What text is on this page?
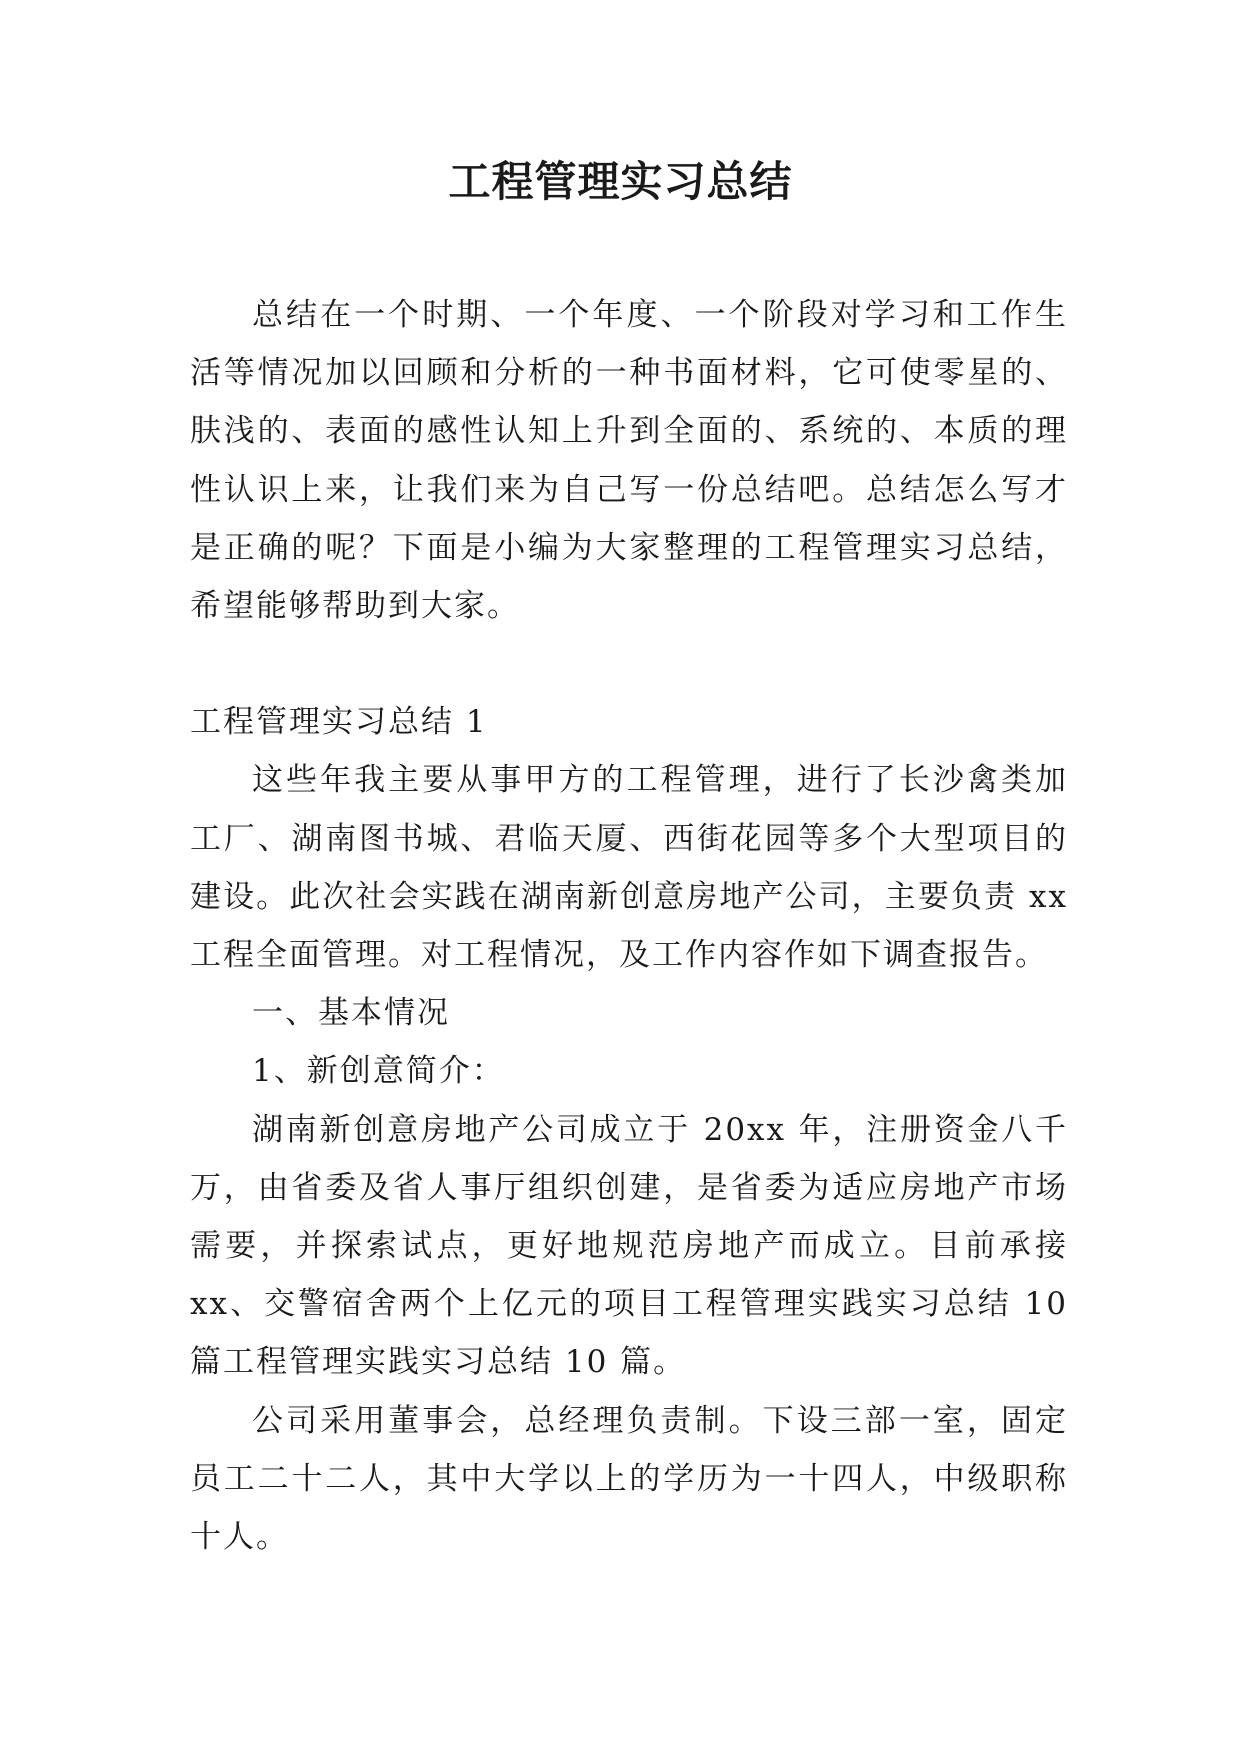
工程管理实习总结

总结在一个时期、一个年度、一个阶段对学习和工作生活等情况加以回顾和分析的一种书面材料，它可使零星的、肤浅的、表面的感性认知上升到全面的、系统的、本质的理性认识上来，让我们来为自己写一份总结吧。总结怎么写才是正确的呢？下面是小编为大家整理的工程管理实习总结，希望能够帮助到大家。

工程管理实习总结 1

这些年我主要从事甲方的工程管理，进行了长沙禽类加工厂、湖南图书城、君临天厦、西街花园等多个大型项目的建设。此次社会实践在湖南新创意房地产公司，主要负责 xx 工程全面管理。对工程情况，及工作内容作如下调查报告。

一、基本情况

1、新创意简介：

湖南新创意房地产公司成立于 20xx 年，注册资金八千万，由省委及省人事厅组织创建，是省委为适应房地产市场需要，并探索试点，更好地规范房地产而成立。目前承接 xx、交警宿舍两个上亿元的项目工程管理实践实习总结 10 篇工程管理实践实习总结 10 篇。

公司采用董事会，总经理负责制。下设三部一室，固定员工二十二人，其中大学以上的学历为一十四人，中级职称十人。
